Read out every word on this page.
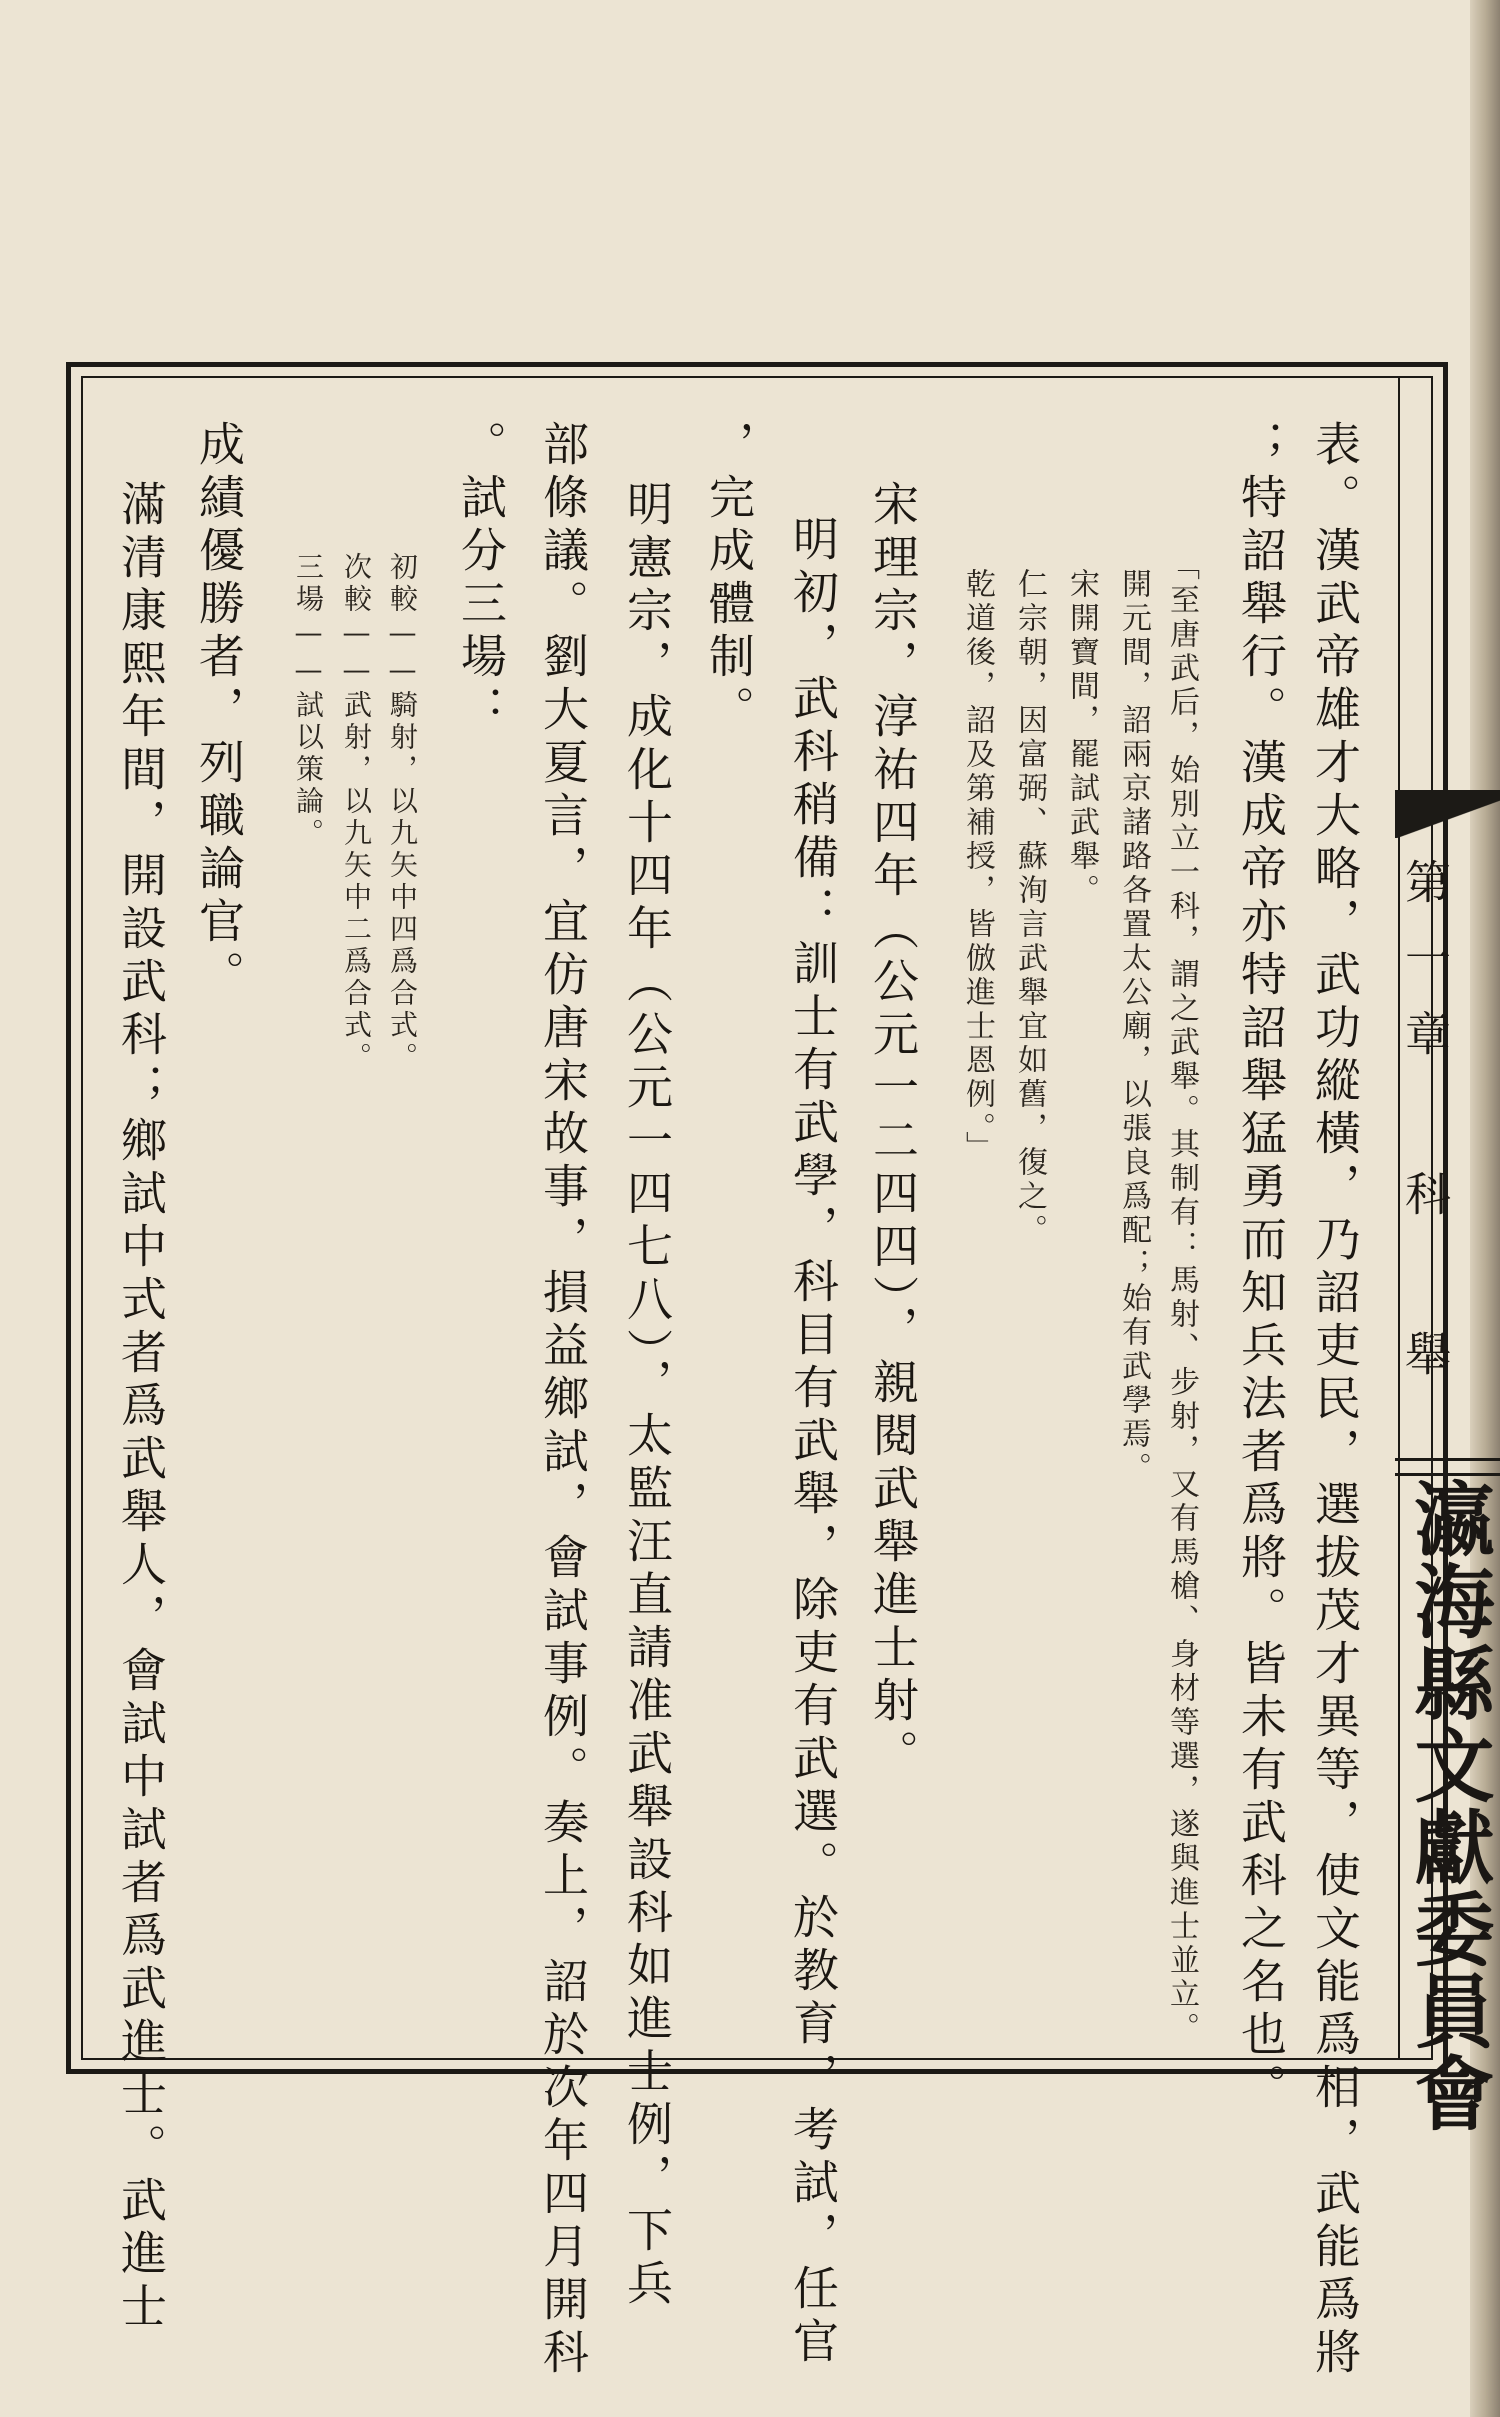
第一章 科 舉
瀛海縣文獻委員會
表。漢武帝雄才大略，武功縱橫，乃詔吏民，選拔茂才異等，使文能爲相，武能爲將
；特詔舉行。漢成帝亦特詔舉猛勇而知兵法者爲將。皆未有武科之名也。
「至唐武后，始別立一科，謂之武舉。其制有：馬射、步射，又有馬槍、身材等選，遂與進士並立。
開元間，詔兩京諸路各置太公廟，以張良爲配；始有武學焉。
宋開寶間，罷試武舉。
仁宗朝，因富弼、蘇洵言武舉宜如舊，復之。
乾道後，詔及第補授，皆倣進士恩例。」
宋理宗，淳祐四年（公元一二四四），親閱武舉進士射。
明初，武科稍備：訓士有武學，科目有武舉，除吏有武選。於教育，考試，任官
，完成體制。
明憲宗，成化十四年（公元一四七八），太監汪直請准武舉設科如進士例，下兵
部條議。劉大夏言，宜仿唐宋故事，損益鄉試，會試事例。奏上，詔於次年四月開科
。試分三場：
初較——騎射，以九矢中四爲合式。
次較——武射，以九矢中二爲合式。
三場——試以策論。
成績優勝者，列職論官。
滿清康熙年間，開設武科；鄉試中式者爲武舉人，會試中試者爲武進士。武進士
